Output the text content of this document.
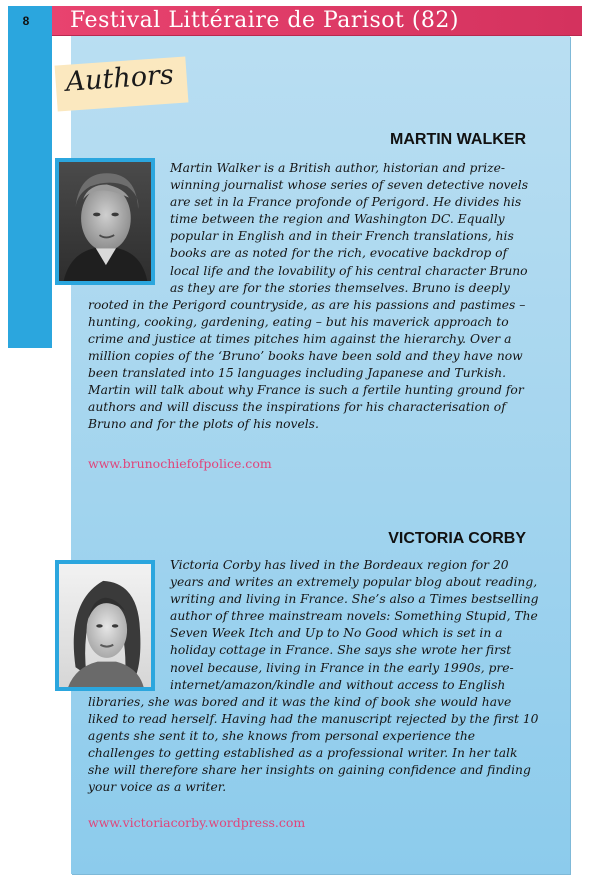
8	Festival Littéraire de Parisot (82)
Authors
MARTIN WALKER
Martin Walker is a British author, historian and prize-winning journalist whose series of seven detective novels are set in la France profonde of Perigord. He divides his time between the region and Washington DC. Equally popular in English and in their French translations, his books are as noted for the rich, evocative backdrop of local life and the lovability of his central character Bruno as they are for the stories themselves. Bruno is deeply rooted in the Perigord countryside, as are his passions and pastimes – hunting, cooking, gardening, eating – but his maverick approach to crime and justice at times pitches him against the hierarchy. Over a million copies of the ‘Bruno’ books have been sold and they have now been translated into 15 languages including Japanese and Turkish. Martin will talk about why France is such a fertile hunting ground for authors and will discuss the inspirations for his characterisation of Bruno and for the plots of his novels.
www.brunochiefofpolice.com
VICTORIA CORBY
Victoria Corby has lived in the Bordeaux region for 20 years and writes an extremely popular blog about reading, writing and living in France. She’s also a Times bestselling author of three mainstream novels: Something Stupid, The Seven Week Itch and Up to No Good which is set in a holiday cottage in France. She says she wrote her first novel because, living in France in the early 1990s, pre-internet/amazon/kindle and without access to English libraries, she was bored and it was the kind of book she would have liked to read herself. Having had the manuscript rejected by the first 10 agents she sent it to, she knows from personal experience the challenges to getting established as a professional writer. In her talk she will therefore share her insights on gaining confidence and finding your voice as a writer.
www.victoriacorby.wordpress.com
